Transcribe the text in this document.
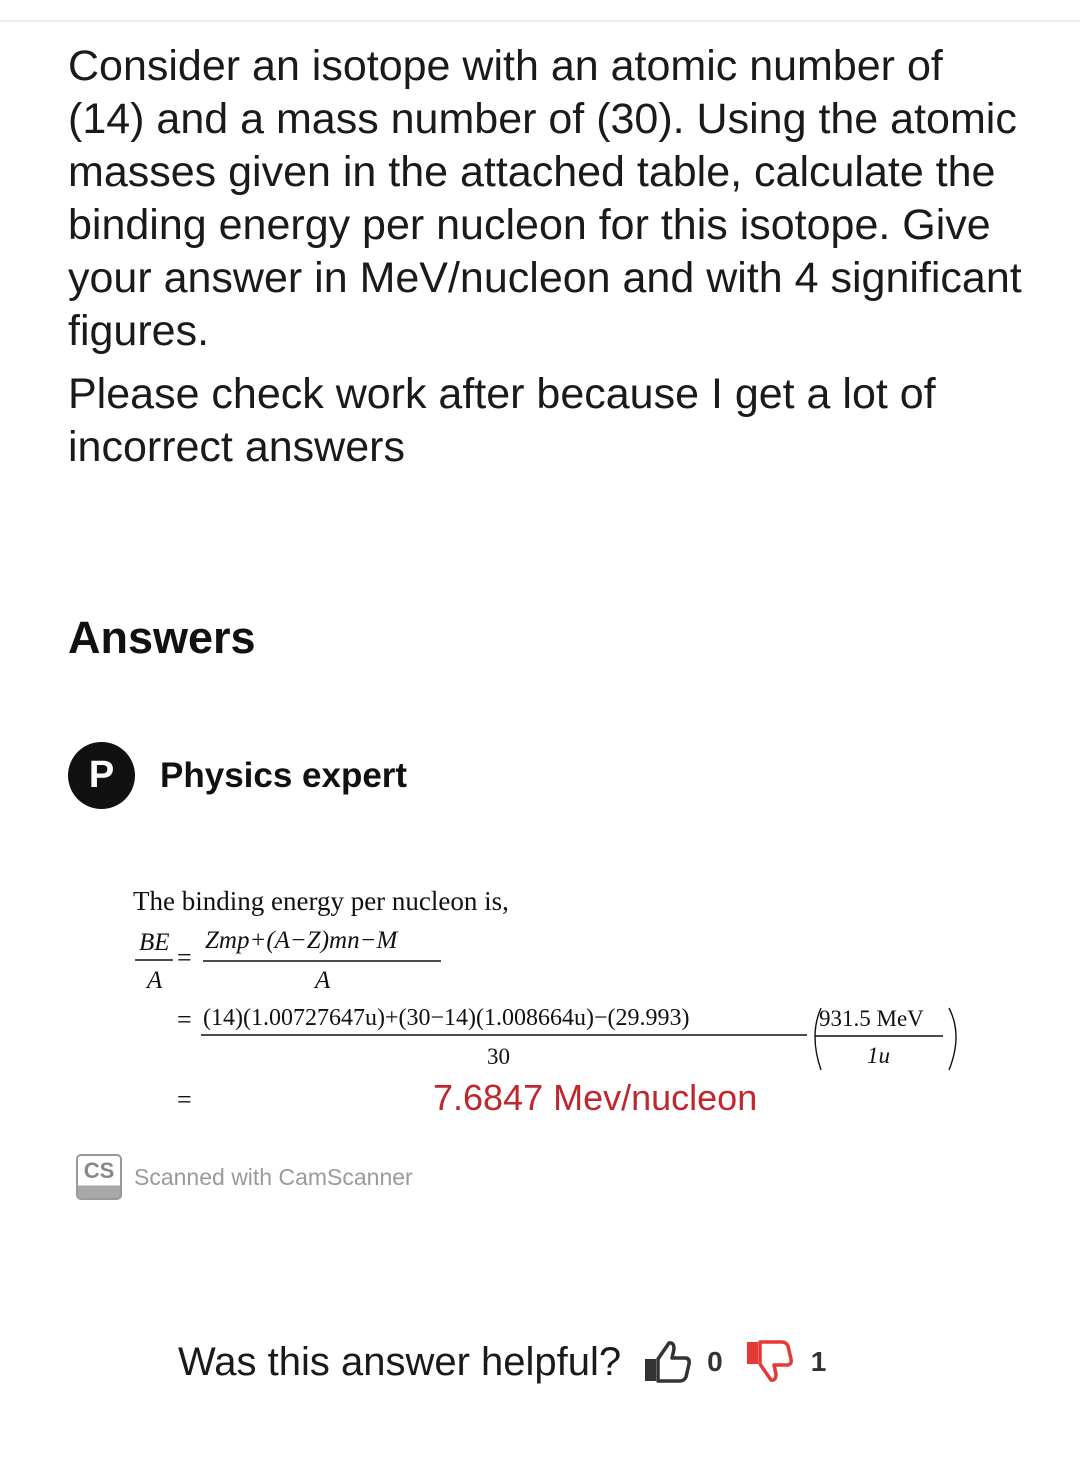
Consider an isotope with an atomic number of (14) and a mass number of (30). Using the atomic masses given in the attached table, calculate the binding energy per nucleon for this isotope. Give your answer in MeV/nucleon and with 4 significant figures.

Please check work after because I get a lot of incorrect answers

Answers
P	Physics expert
The binding energy per nucleon is,
BE
A
=
Zmp+(A−Z)mn−M
A
= (14)(1.00727647u)+(30−14)(1.008664u)−(29.993)
30
931.5 MeV
1u
=	7.6847 Mev/nucleon
CS Scanned with CamScanner
Was this answer helpful?	0	1
